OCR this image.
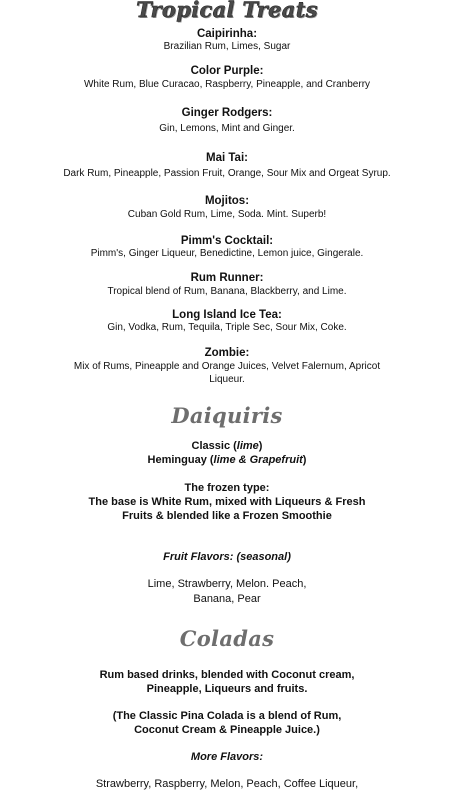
Tropical Treats
Caipirinha:
Brazilian Rum, Limes, Sugar
Color Purple:
White Rum, Blue Curacao, Raspberry, Pineapple, and Cranberry
Ginger Rodgers:
Gin, Lemons, Mint and Ginger.
Mai Tai:
Dark Rum, Pineapple, Passion Fruit, Orange, Sour Mix and Orgeat Syrup.
Mojitos:
Cuban Gold Rum, Lime, Soda. Mint. Superb!
Pimm's Cocktail:
Pimm's, Ginger Liqueur, Benedictine, Lemon juice, Gingerale.
Rum Runner:
Tropical blend of Rum, Banana, Blackberry, and Lime.
Long Island Ice Tea:
Gin, Vodka, Rum, Tequila, Triple Sec, Sour Mix, Coke.
Zombie:
Mix of Rums, Pineapple and Orange Juices, Velvet Falernum, Apricot
Liqueur.
Daiquiris
Classic (lime)
Heminguay (lime & Grapefruit)
The frozen type:
The base is White Rum, mixed with Liqueurs & Fresh
Fruits & blended like a Frozen Smoothie
Fruit Flavors: (seasonal)
Lime, Strawberry, Melon. Peach,
Banana, Pear
Coladas
Rum based drinks, blended with Coconut cream,
Pineapple, Liqueurs and fruits.
(The Classic Pina Colada is a blend of Rum,
Coconut Cream & Pineapple Juice.)
More Flavors:
Strawberry, Raspberry, Melon, Peach, Coffee Liqueur,
